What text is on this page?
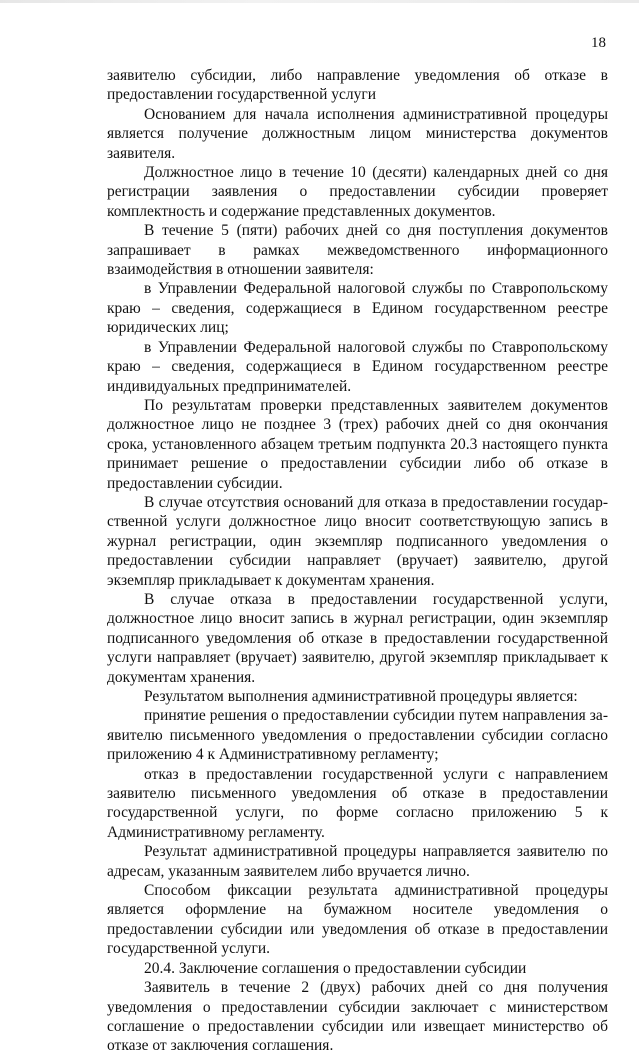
18

заявителю субсидии, либо направление уведомления об отказе в предоставлении государственной услуги

Основанием для начала исполнения административной процедуры является получение должностным лицом министерства документов заявителя.

Должностное лицо в течение 10 (десяти) календарных дней со дня регистрации заявления о предоставлении субсидии проверяет комплектность и содержание представленных документов.

В течение 5 (пяти) рабочих дней со дня поступления документов запрашивает в рамках межведомственного информационного взаимодействия в отношении заявителя:

в Управлении Федеральной налоговой службы по Ставропольскому краю – сведения, содержащиеся в Едином государственном реестре юридических лиц;

в Управлении Федеральной налоговой службы по Ставропольскому краю – сведения, содержащиеся в Едином государственном реестре индивидуальных предпринимателей.

По результатам проверки представленных заявителем документов должностное лицо не позднее 3 (трех) рабочих дней со дня окончания срока, установленного абзацем третьим подпункта 20.3 настоящего пункта принимает решение о предоставлении субсидии либо об отказе в предоставлении субсидии.

В случае отсутствия оснований для отказа в предоставлении государственной услуги должностное лицо вносит соответствующую запись в журнал регистрации, один экземпляр подписанного уведомления о предоставлении субсидии направляет (вручает) заявителю, другой экземпляр прикладывает к документам хранения.

В случае отказа в предоставлении государственной услуги, должностное лицо вносит запись в журнал регистрации, один экземпляр подписанного уведомления об отказе в предоставлении государственной услуги направляет (вручает) заявителю, другой экземпляр прикладывает к документам хранения.

Результатом выполнения административной процедуры является:

принятие решения о предоставлении субсидии путем направления заявителю письменного уведомления о предоставлении субсидии согласно приложению 4 к Административному регламенту;

отказ в предоставлении государственной услуги с направлением заявителю письменного уведомления об отказе в предоставлении государственной услуги, по форме согласно приложению 5 к Административному регламенту.

Результат административной процедуры направляется заявителю по адресам, указанным заявителем либо вручается лично.

Способом фиксации результата административной процедуры является оформление на бумажном носителе уведомления о предоставлении субсидии или уведомления об отказе в предоставлении государственной услуги.

20.4. Заключение соглашения о предоставлении субсидии

Заявитель в течение 2 (двух) рабочих дней со дня получения уведомления о предоставлении субсидии заключает с министерством соглашение о предоставлении субсидии или извещает министерство об отказе от заключения соглашения.
